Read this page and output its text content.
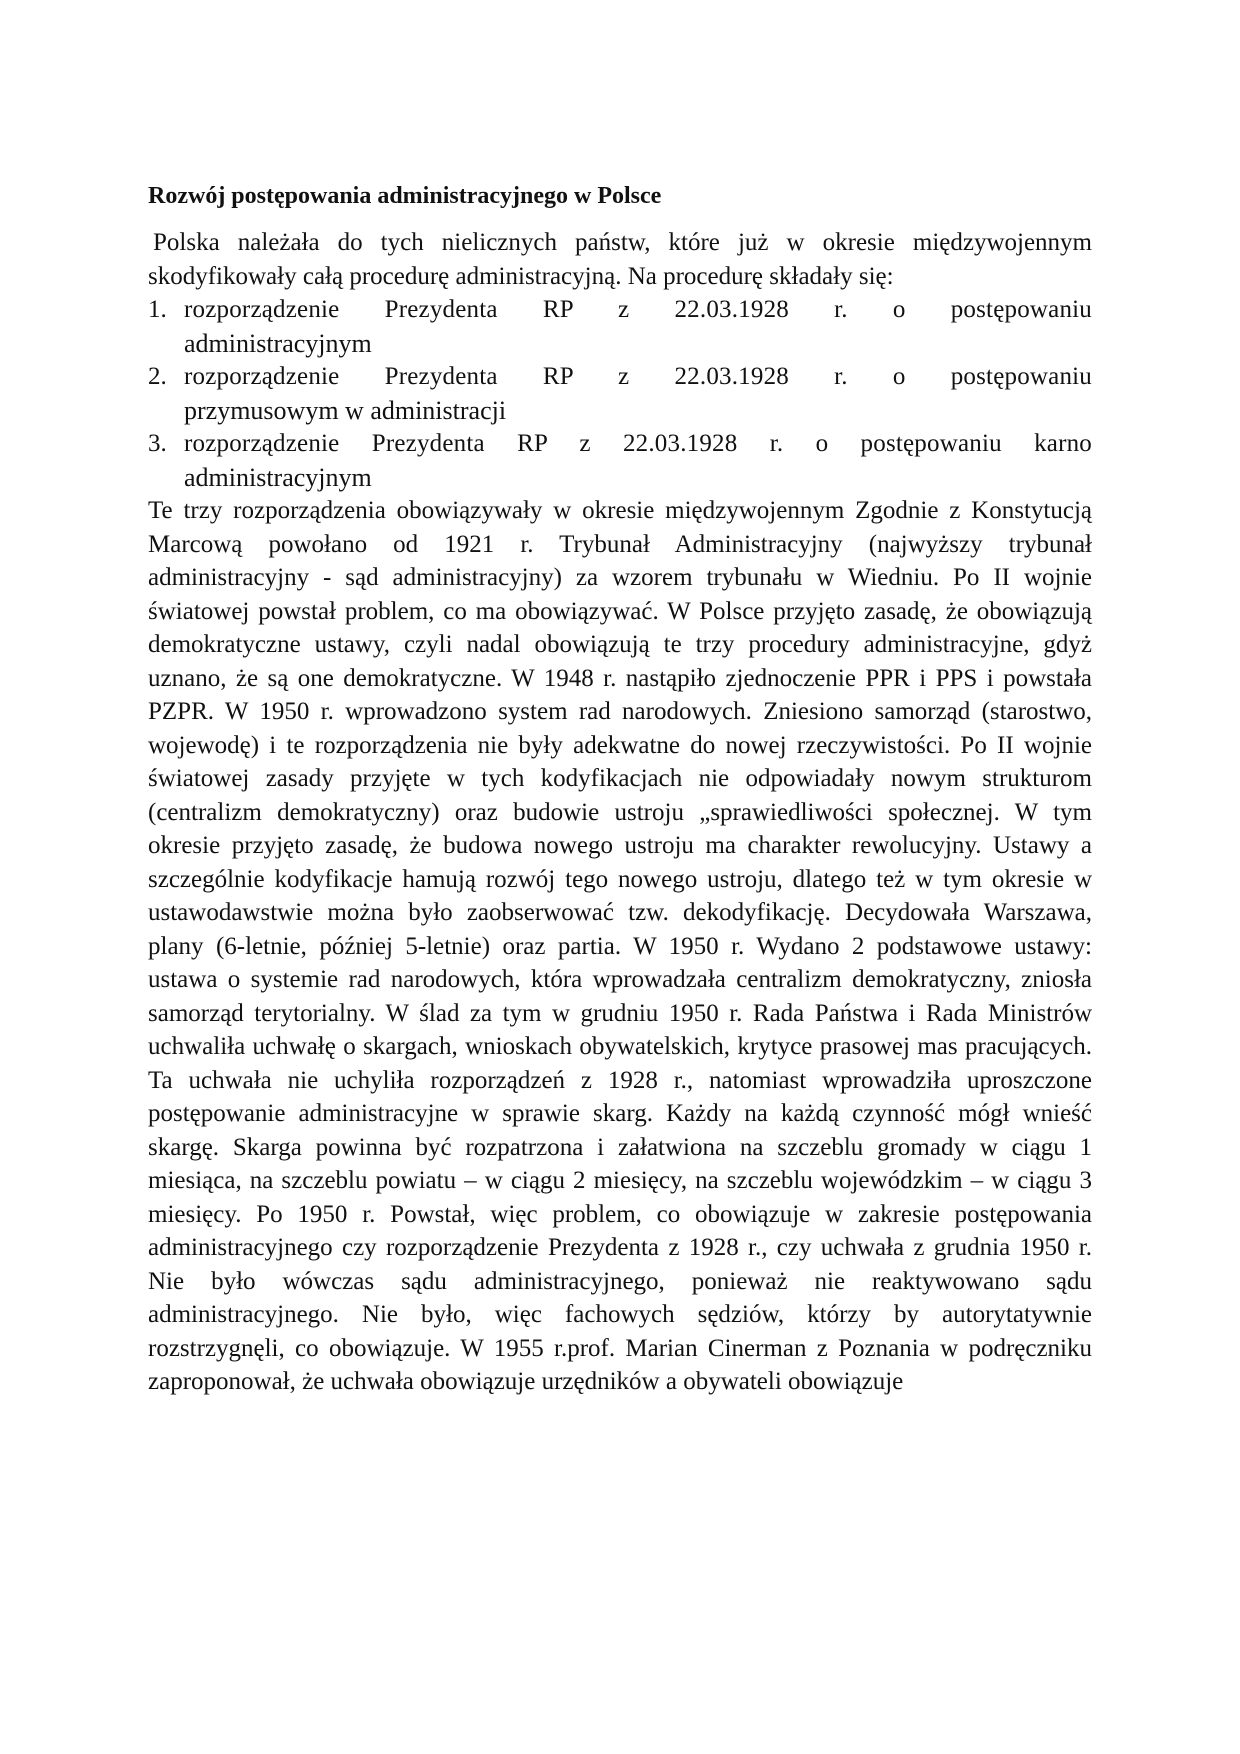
Rozwój postępowania administracyjnego w Polsce

Polska należała do tych nielicznych państw, które już w okresie międzywojennym skodyfikowały całą procedurę administracyjną. Na procedurę składały się:

1. rozporządzenie Prezydenta RP z 22.03.1928 r. o postępowaniu
administracyjnym
2. rozporządzenie Prezydenta RP z 22.03.1928 r. o postępowaniu
przymusowym w administracji
3. rozporządzenie Prezydenta RP z 22.03.1928 r. o postępowaniu karno
administracyjnym

Te trzy rozporządzenia obowiązywały w okresie międzywojennym Zgodnie z Konstytucją Marcową powołano od 1921 r. Trybunał Administracyjny (najwyższy trybunał administracyjny - sąd administracyjny) za wzorem trybunału w Wiedniu. Po II wojnie światowej powstał problem, co ma obowiązywać. W Polsce przyjęto zasadę, że obowiązują demokratyczne ustawy, czyli nadal obowiązują te trzy procedury administracyjne, gdyż uznano, że są one demokratyczne. W 1948 r. nastąpiło zjednoczenie PPR i PPS i powstała PZPR. W 1950 r. wprowadzono system rad narodowych. Zniesiono samorząd (starostwo, wojewodę) i te rozporządzenia nie były adekwatne do nowej rzeczywistości. Po II wojnie światowej zasady przyjęte w tych kodyfikacjach nie odpowiadały nowym strukturom (centralizm demokratyczny) oraz budowie ustroju „sprawiedliwości społecznej. W tym okresie przyjęto zasadę, że budowa nowego ustroju ma charakter rewolucyjny. Ustawy a szczególnie kodyfikacje hamują rozwój tego nowego ustroju, dlatego też w tym okresie w ustawodawstwie można było zaobserwować tzw. dekodyfikację. Decydowała Warszawa, plany (6-letnie, później 5-letnie) oraz partia. W 1950 r. Wydano 2 podstawowe ustawy: ustawa o systemie rad narodowych, która wprowadzała centralizm demokratyczny, zniosła samorząd terytorialny. W ślad za tym w grudniu 1950 r. Rada Państwa i Rada Ministrów uchwaliła uchwałę o skargach, wnioskach obywatelskich, krytyce prasowej mas pracujących. Ta uchwała nie uchyliła rozporządzeń z 1928 r., natomiast wprowadziła uproszczone postępowanie administracyjne w sprawie skarg. Każdy na każdą czynność mógł wnieść skargę. Skarga powinna być rozpatrzona i załatwiona na szczeblu gromady w ciągu 1 miesiąca, na szczeblu powiatu – w ciągu 2 miesięcy, na szczeblu wojewódzkim – w ciągu 3 miesięcy. Po 1950 r. Powstał, więc problem, co obowiązuje w zakresie postępowania administracyjnego czy rozporządzenie Prezydenta z 1928 r., czy uchwała z grudnia 1950 r. Nie było wówczas sądu administracyjnego, ponieważ nie reaktywowano sądu administracyjnego. Nie było, więc fachowych sędziów, którzy by autorytatywnie rozstrzygnęli, co obowiązuje. W 1955 r.prof. Marian Cinerman z Poznania w podręczniku zaproponował, że uchwała obowiązuje urzędników a obywateli obowiązuje
